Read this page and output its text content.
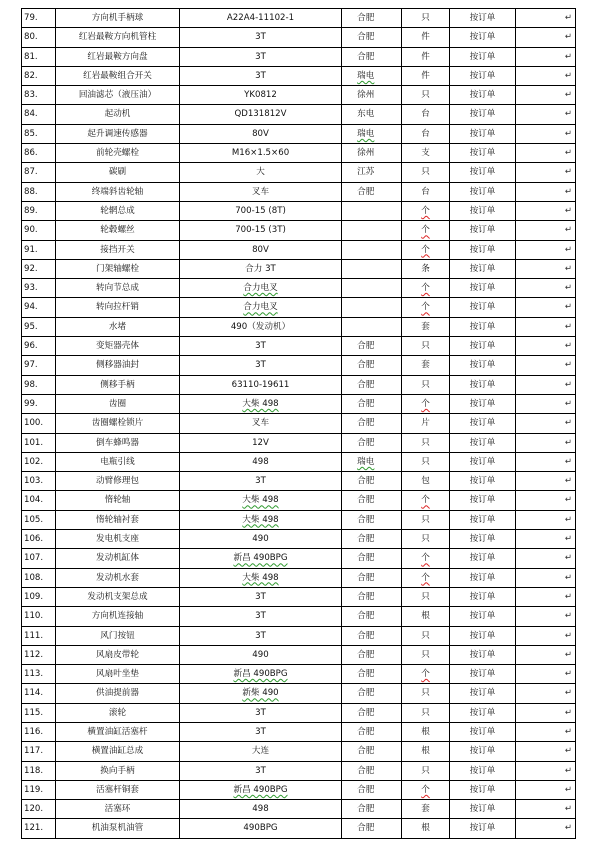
79.	方向机手柄球	A22A4-11102-1	合肥		只	按订单	↵
80.	红岩最鞍方向机管柱	3T	合肥		件	按订单	↵
81.	红岩最鞍方向盘	3T	合肥		件	按订单	↵
82.	红岩最鞍组合开关	3T	瑞电		件	按订单	↵
83.	回油滤芯（液压油）	YK0812	徐州		只	按订单	↵
84.	起动机	QD131812V	东电		台	按订单	↵
85.	起升调速传感器	80V	瑞电		台	按订单	↵
86.	前轮壳螺栓	M16×1.5×60	徐州		支	按订单	↵
87.	碳刷	大	江苏		只	按订单	↵
88.	终端斜齿轮轴	叉车	合肥		台	按订单	↵
89.	轮辋总成	700-15 (8T)			个	按订单	↵
90.	轮毂螺丝	700-15 (3T)			个	按订单	↵
91.	接挡开关	80V			个	按订单	↵
92.	门架轴螺栓	合力 3T			条	按订单	↵
93.	转向节总成	合力电叉			个	按订单	↵
94.	转向拉杆销	合力电叉			个	按订单	↵
95.	水堵	490（发动机）			套	按订单	↵
96.	变矩器壳体	3T	合肥		只	按订单	↵
97.	侧移器油封	3T	合肥		套	按订单	↵
98.	侧移手柄	63110-19611	合肥		只	按订单	↵
99.	齿圈	大柴 498	合肥		个	按订单	↵
100.	齿圈螺栓锁片	叉车	合肥		片	按订单	↵
101.	倒车蜂鸣器	12V	合肥		只	按订单	↵
102.	电瓶引线	498	瑞电		只	按订单	↵
103.	动臂修理包	3T	合肥		包	按订单	↵
104.	惰轮轴	大柴 498	合肥		个	按订单	↵
105.	惰轮轴衬套	大柴 498	合肥		只	按订单	↵
106.	发电机支座	490	合肥		只	按订单	↵
107.	发动机缸体	新昌 490BPG	合肥		个	按订单	↵
108.	发动机水套	大柴 498	合肥		个	按订单	↵
109.	发动机支架总成	3T	合肥		只	按订单	↵
110.	方向机连接轴	3T	合肥		根	按订单	↵
111.	风门按钮	3T	合肥		只	按订单	↵
112.	风扇皮带轮	490	合肥		只	按订单	↵
113.	风扇叶坐垫	新昌 490BPG	合肥		个	按订单	↵
114.	供油提前器	新柴 490	合肥		只	按订单	↵
115.	滚轮	3T	合肥		只	按订单	↵
116.	横置油缸活塞杆	3T	合肥		根	按订单	↵
117.	横置油缸总成	大连	合肥		根	按订单	↵
118.	换向手柄	3T	合肥		只	按订单	↵
119.	活塞杆铜套	新昌 490BPG	合肥		个	按订单	↵
120.	活塞环	498	合肥		套	按订单	↵
121.	机油泵机油管	490BPG	合肥		根	按订单	↵
